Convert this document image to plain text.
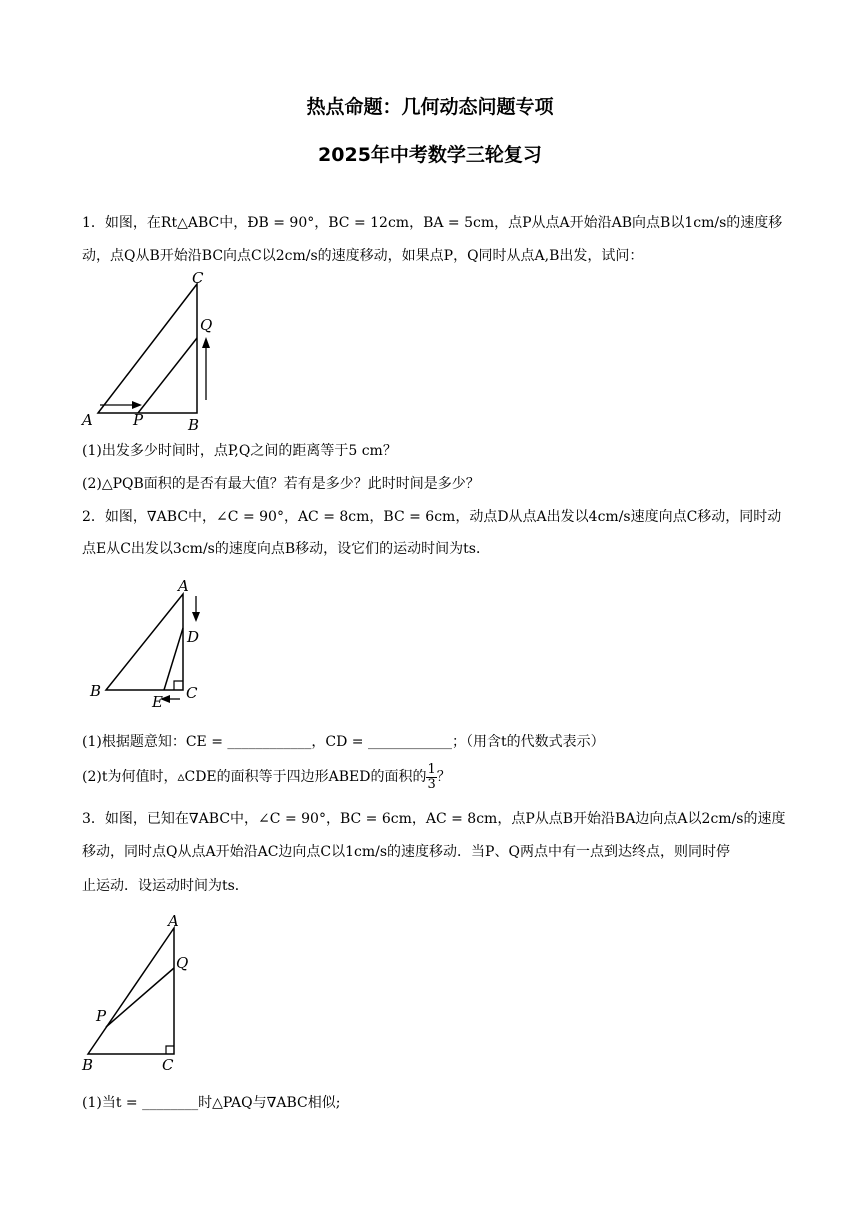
热点命题：几何动态问题专项
2025年中考数学三轮复习
1．如图，在Rt△ABC中，ÐB = 90°，BC = 12cm，BA = 5cm，点P从点A开始沿AB向点B以1cm/s的速度移
动，点Q从B开始沿BC向点C以2cm/s的速度移动，如果点P，Q同时从点A,B出发，试问：
C
Q
A	P	B
(1)出发多少时间时，点P,Q之间的距离等于5 cm？
(2)△PQB面积的是否有最大值？若有是多少？此时时间是多少？
2．如图，∇ABC中，∠C = 90°，AC = 8cm，BC = 6cm，动点D从点A出发以4cm/s速度向点C移动，同时动
点E从C出发以3cm/s的速度向点B移动，设它们的运动时间为ts．
A
D
B
E C
(1)根据题意知：CE = ____________，CD = ____________；（用含t的代数式表示）
(2)t为何值时，▵CDE的面积等于四边形ABED的面积的 $\frac{1}{3}$ ？
3．如图，已知在∇ABC中，∠C = 90°，BC = 6cm，AC = 8cm，点P从点B开始沿BA边向点A以2cm/s的速度
移动，同时点Q从点A开始沿AC边向点C以1cm/s的速度移动．当P、Q两点中有一点到达终点，则同时停
止运动．设运动时间为ts．
A
Q
P
B	C
(1)当t = ________时△PAQ与∇ABC相似;
